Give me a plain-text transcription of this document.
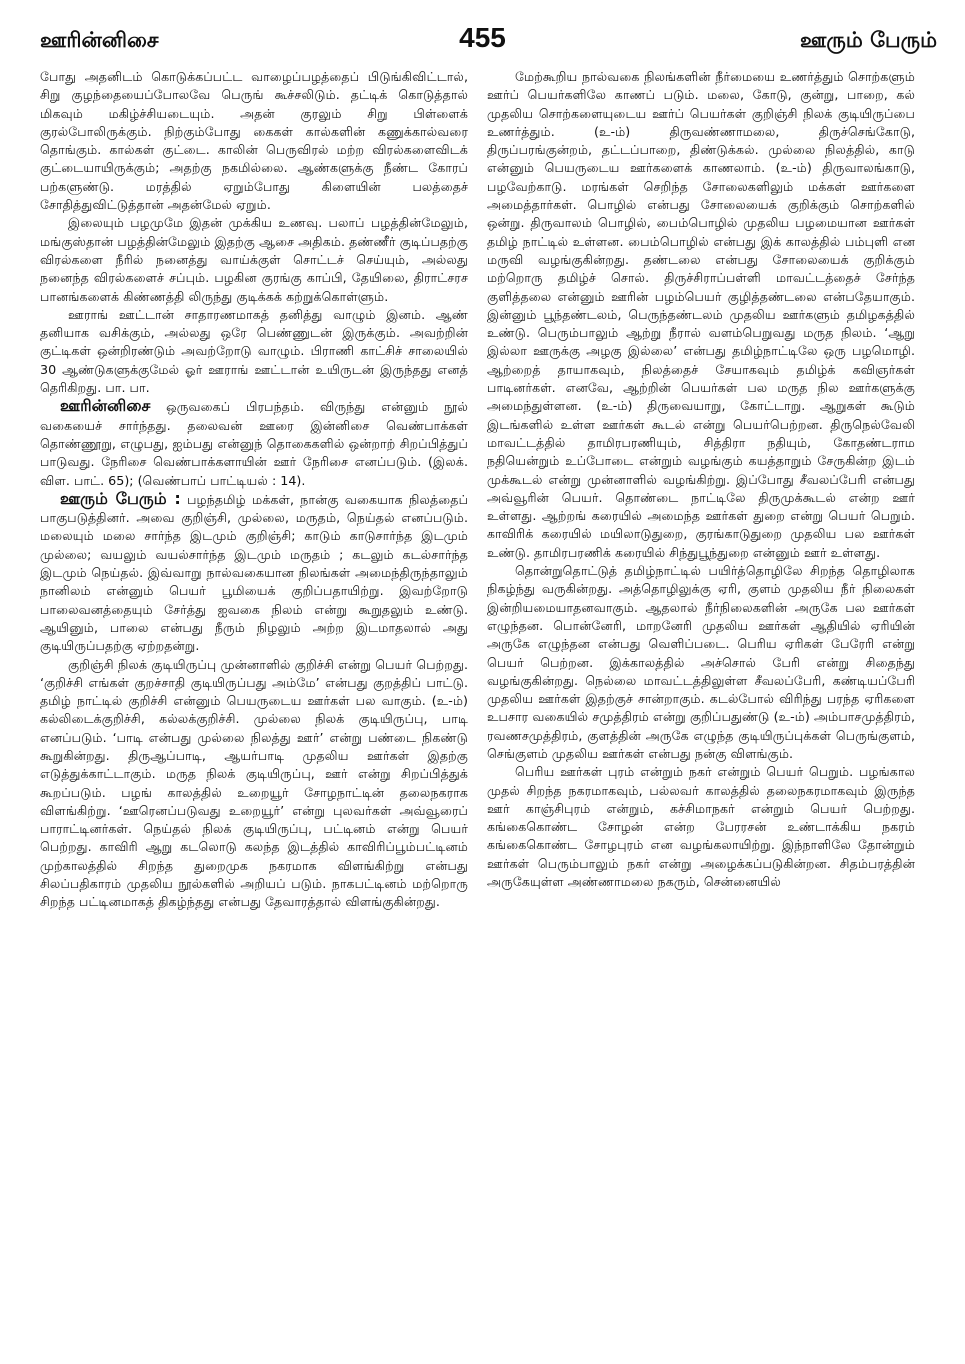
ஊரின்னிசை	455	ஊரும் பேரும்

போது அதனிடம் கொடுக்கப்பட்ட வாழைப்பழத்தைப் பிடுங்கிவிட்டால், சிறு குழந்தையைப்போலவே பெருங் கூச்சலிடும். தட்டிக் கொடுத்தால் மிகவும் மகிழ்ச்சியடையும். அதன் குரலும் சிறு பிள்ளைக் குரல்போலிருக்கும். நிற்கும்போது கைகள் கால்களின் கணுக்கால்வரை தொங்கும். கால்கள் குட்டை. காலின் பெருவிரல் மற்ற விரல்களைவிடக் குட்டையாயிருக்கும்; அதற்கு நகமில்லை. ஆண்களுக்கு நீண்ட கோரப் பற்களுண்டு. மரத்தில் ஏறும்போது கிளையின் பலத்தைச் சோதித்துவிட்டுத்தான் அதன்மேல் ஏறும்.

இலையும் பழமுமே இதன் முக்கிய உணவு. பலாப் பழத்தின்மேலும், மங்குஸ்தான் பழத்தின்மேலும் இதற்கு ஆசை அதிகம். தண்ணீர் குடிப்பதற்கு விரல்களை நீரில் நனைத்து வாய்க்குள் சொட்டச் செய்யும், அல்லது நனைந்த விரல்களைச் சப்பும். பழகின குரங்கு காப்பி, தேயிலை, திராட்சரச பானங்களைக் கிண்ணத்தி லிருந்து குடிக்கக் கற்றுக்கொள்ளும்.

ஊராங் ஊட்டான் சாதாரணமாகத் தனித்து வாழும் இனம். ஆண் தனியாக வசிக்கும், அல்லது ஒரே பெண்ணுடன் இருக்கும். அவற்றின் குட்டிகள் ஒன்றிரண்டும் அவற்றோடு வாழும். பிராணி காட்சிச் சாலையில் 30 ஆண்டுகளுக்குமேல் ஓர் ஊராங் ஊட்டான் உயிருடன் இருந்தது எனத் தெரிகிறது. பா. பா.

ஊரின்னிசை ஒருவகைப் பிரபந்தம். விருந்து என்னும் நூல் வகையைச் சார்ந்தது. தலைவன் ஊரை இன்னிசை வெண்பாக்கள் தொண்ணூறு, எழுபது, ஐம்பது என்னுந் தொகைகளில் ஒன்றாற் சிறப்பித்துப் பாடுவது. நேரிசை வெண்பாக்களாயின் ஊர் நேரிசை எனப்படும். (இலக். விள. பாட். 65); (வெண்பாப் பாட்டியல் : 14).

ஊரும் பேரும் : பழந்தமிழ் மக்கள், நான்கு வகையாக நிலத்தைப் பாகுபடுத்தினர். அவை குறிஞ்சி, முல்லை, மருதம், நெய்தல் எனப்படும். மலையும் மலை சார்ந்த இடமும் குறிஞ்சி; காடும் காடுசார்ந்த இடமும் முல்லை; வயலும் வயல்சார்ந்த இடமும் மருதம் ; கடலும் கடல்சார்ந்த இடமும் நெய்தல். இவ்வாறு நால்வகையான நிலங்கள் அமைந்திருந்தாலும் நானிலம் என்னும் பெயர் பூமியைக் குறிப்பதாயிற்று. இவற்றோடு பாலைவனத்தையும் சேர்த்து ஐவகை நிலம் என்று கூறுதலும் உண்டு. ஆயினும், பாலை என்பது நீரும் நிழலும் அற்ற இடமாதலால் அது குடியிருப்பதற்கு ஏற்றதன்று.

குறிஞ்சி நிலக் குடியிருப்பு முன்னாளில் குறிச்சி என்று பெயர் பெற்றது. ‘குறிச்சி எங்கள் குறச்சாதி குடியிருப்பது அம்மே’ என்பது குறத்திப் பாட்டு. தமிழ் நாட்டில் குறிச்சி என்னும் பெயருடைய ஊர்கள் பல வாகும். (உ-ம்) கல்லிடைக்குறிச்சி, கல்லக்குறிச்சி. முல்லை நிலக் குடியிருப்பு, பாடி எனப்படும். ‘பாடி என்பது முல்லை நிலத்து ஊர்’ என்று பண்டை நிகண்டு கூறுகின்றது. திருஆப்பாடி, ஆயர்பாடி முதலிய ஊர்கள் இதற்கு எடுத்துக்காட்டாகும். மருத நிலக் குடியிருப்பு, ஊர் என்று சிறப்பித்துக் கூறப்படும். பழங் காலத்தில் உறையூர் சோழநாட்டின் தலைநகராக விளங்கிற்று. ‘ஊரெனப்படுவது உறையூர்’ என்று புலவர்கள் அவ்வூரைப் பாராட்டினர்கள். நெய்தல் நிலக் குடியிருப்பு, பட்டினம் என்று பெயர் பெற்றது. காவிரி ஆறு கடலொடு கலந்த இடத்தில் காவிரிப்பூம்பட்டினம் முற்காலத்தில் சிறந்த துறைமுக நகரமாக விளங்கிற்று என்பது சிலப்பதிகாரம் முதலிய நூல்களில் அறியப் படும். நாகபட்டினம் மற்றொரு சிறந்த பட்டினமாகத் திகழ்ந்தது என்பது தேவாரத்தால் விளங்குகின்றது.

மேற்கூறிய நால்வகை நிலங்களின் நீர்மையை உணர்த்தும் சொற்களும் ஊர்ப் பெயர்களிலே காணப் படும். மலை, கோடு, குன்று, பாறை, கல் முதலிய சொற்களையுடைய ஊர்ப் பெயர்கள் குறிஞ்சி நிலக் குடியிருப்பை உணர்த்தும். (உ-ம்) திருவண்ணாமலை, திருச்செங்கோடு, திருப்பரங்குன்றம், தட்டப்பாறை, திண்டுக்கல். முல்லை நிலத்தில், காடு என்னும் பெயருடைய ஊர்களைக் காணலாம். (உ-ம்) திருவாலங்காடு, பழவேற்காடு. மரங்கள் செறிந்த சோலைகளிலும் மக்கள் ஊர்களை அமைத்தார்கள். பொழில் என்பது சோலையைக் குறிக்கும் சொற்களில் ஒன்று. திருவாலம் பொழில், பைம்பொழில் முதலிய பழமையான ஊர்கள் தமிழ் நாட்டில் உள்ளன. பைம்பொழில் என்பது இக் காலத்தில் பம்புளி என மருவி வழங்குகின்றது. தண்டலை என்பது சோலையைக் குறிக்கும் மற்றொரு தமிழ்ச் சொல். திருச்சிராப்பள்ளி மாவட்டத்தைச் சேர்ந்த குளித்தலை என்னும் ஊரின் பழம்பெயர் குழித்தண்டலை என்பதேயாகும். இன்னும் பூந்தண்டலம், பெருந்தண்டலம் முதலிய ஊர்களும் தமிழகத்தில் உண்டு. பெரும்பாலும் ஆற்று நீரால் வளம்பெறுவது மருத நிலம். ‘ஆறு இல்லா ஊருக்கு அழகு இல்லை’ என்பது தமிழ்நாட்டிலே ஒரு பழமொழி. ஆற்றைத் தாயாகவும், நிலத்தைச் சேயாகவும் தமிழ்க் கவிஞர்கள் பாடினர்கள். எனவே, ஆற்றின் பெயர்கள் பல மருத நில ஊர்களுக்கு அமைந்துள்ளன. (உ-ம்) திருவையாறு, கோட்டாறு. ஆறுகள் கூடும் இடங்களில் உள்ள ஊர்கள் கூடல் என்று பெயர்பெற்றன. திருநெல்வேலி மாவட்டத்தில் தாமிரபரணியும், சித்திரா நதியும், கோதண்டராம நதியென்றும் உப்போடை என்றும் வழங்கும் கயத்தாறும் சேருகின்ற இடம் முக்கூடல் என்று முன்னாளில் வழங்கிற்று. இப்போது சீவலப்பேரி என்பது அவ்வூரின் பெயர். தொண்டை நாட்டிலே திருமுக்கூடல் என்ற ஊர் உள்ளது. ஆற்றங் கரையில் அமைந்த ஊர்கள் துறை என்று பெயர் பெறும். காவிரிக் கரையில் மயிலாடுதுறை, குரங்காடுதுறை முதலிய பல ஊர்கள் உண்டு. தாமிரபரணிக் கரையில் சிந்துபூந்துறை என்னும் ஊர் உள்ளது.

தொன்றுதொட்டுத் தமிழ்நாட்டில் பயிர்த்தொழிலே சிறந்த தொழிலாக நிகழ்ந்து வருகின்றது. அத்தொழிலுக்கு ஏரி, குளம் முதலிய நீர் நிலைகள் இன்றியமையாதனவாகும். ஆதலால் நீர்நிலைகளின் அருகே பல ஊர்கள் எழுந்தன. பொன்னேரி, மாறனேரி முதலிய ஊர்கள் ஆதியில் ஏரியின் அருகே எழுந்தன என்பது வெளிப்படை. பெரிய ஏரிகள் பேரேரி என்று பெயர் பெற்றன. இக்காலத்தில் அச்சொல் பேரி என்று சிதைந்து வழங்குகின்றது. நெல்லை மாவட்டத்திலுள்ள சீவலப்பேரி, கண்டியப்பேரி முதலிய ஊர்கள் இதற்குச் சான்றாகும். கடல்போல் விரிந்து பரந்த ஏரிகளை உபசார வகையில் சமுத்திரம் என்று குறிப்பதுண்டு (உ-ம்) அம்பாசமுத்திரம், ரவணசமுத்திரம், குளத்தின் அருகே எழுந்த குடியிருப்புக்கள் பெருங்குளம், செங்குளம் முதலிய ஊர்கள் என்பது நன்கு விளங்கும்.

பெரிய ஊர்கள் புரம் என்றும் நகர் என்றும் பெயர் பெறும். பழங்கால முதல் சிறந்த நகரமாகவும், பல்லவர் காலத்தில் தலைநகரமாகவும் இருந்த ஊர் காஞ்சிபுரம் என்றும், கச்சிமாநகர் என்றும் பெயர் பெற்றது. கங்கைகொண்ட சோழன் என்ற பேரரசன் உண்டாக்கிய நகரம் கங்கைகொண்ட சோழபுரம் என வழங்கலாயிற்று. இந்நாளிலே தோன்றும் ஊர்கள் பெரும்பாலும் நகர் என்று அழைக்கப்படுகின்றன. சிதம்பரத்தின் அருகேயுள்ள அண்ணாமலை நகரும், சென்னையில்
